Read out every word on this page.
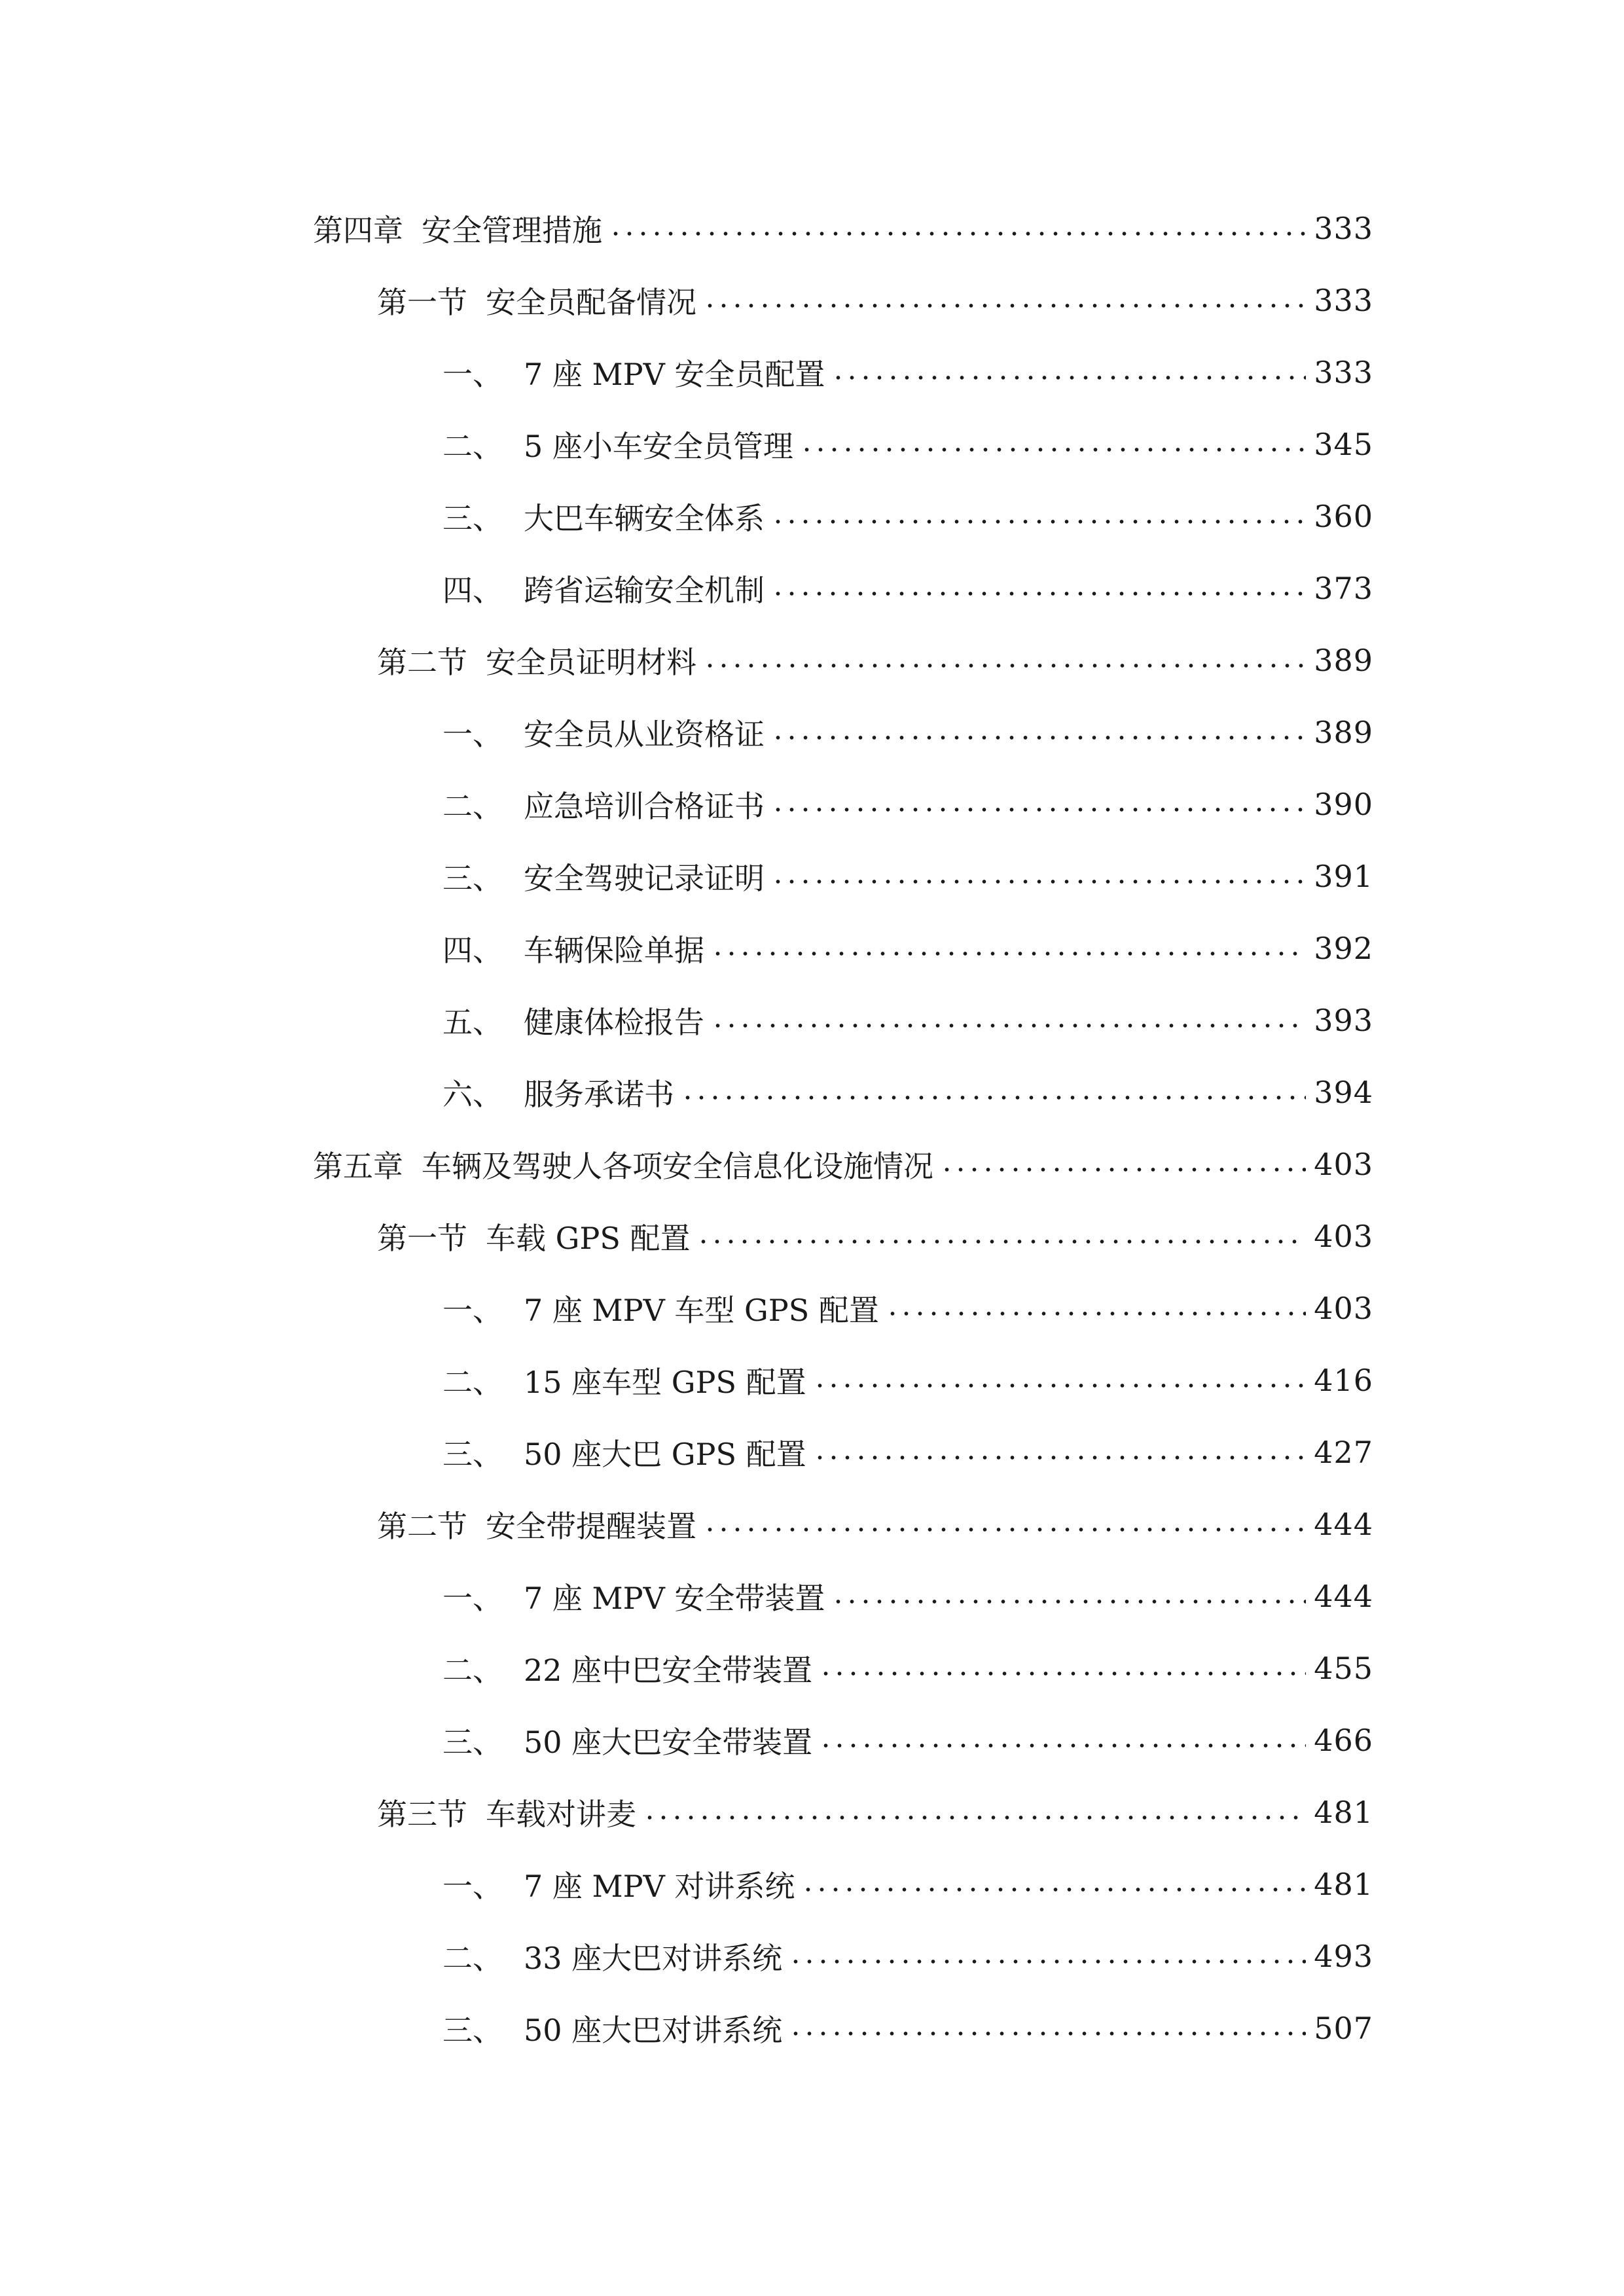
第四章 安全管理措施	333
第一节 安全员配备情况	333
一、 7 座 MPV 安全员配置	333
二、 5 座小车安全员管理	345
三、 大巴车辆安全体系	360
四、 跨省运输安全机制	373
第二节 安全员证明材料	389
一、 安全员从业资格证	389
二、 应急培训合格证书	390
三、 安全驾驶记录证明	391
四、 车辆保险单据	392
五、 健康体检报告	393
六、 服务承诺书	394
第五章 车辆及驾驶人各项安全信息化设施情况	403
第一节 车载 GPS 配置	403
一、 7 座 MPV 车型 GPS 配置	403
二、 15 座车型 GPS 配置	416
三、 50 座大巴 GPS 配置	427
第二节 安全带提醒装置	444
一、 7 座 MPV 安全带装置	444
二、 22 座中巴安全带装置	455
三、 50 座大巴安全带装置	466
第三节 车载对讲麦	481
一、 7 座 MPV 对讲系统	481
二、 33 座大巴对讲系统	493
三、 50 座大巴对讲系统	507
